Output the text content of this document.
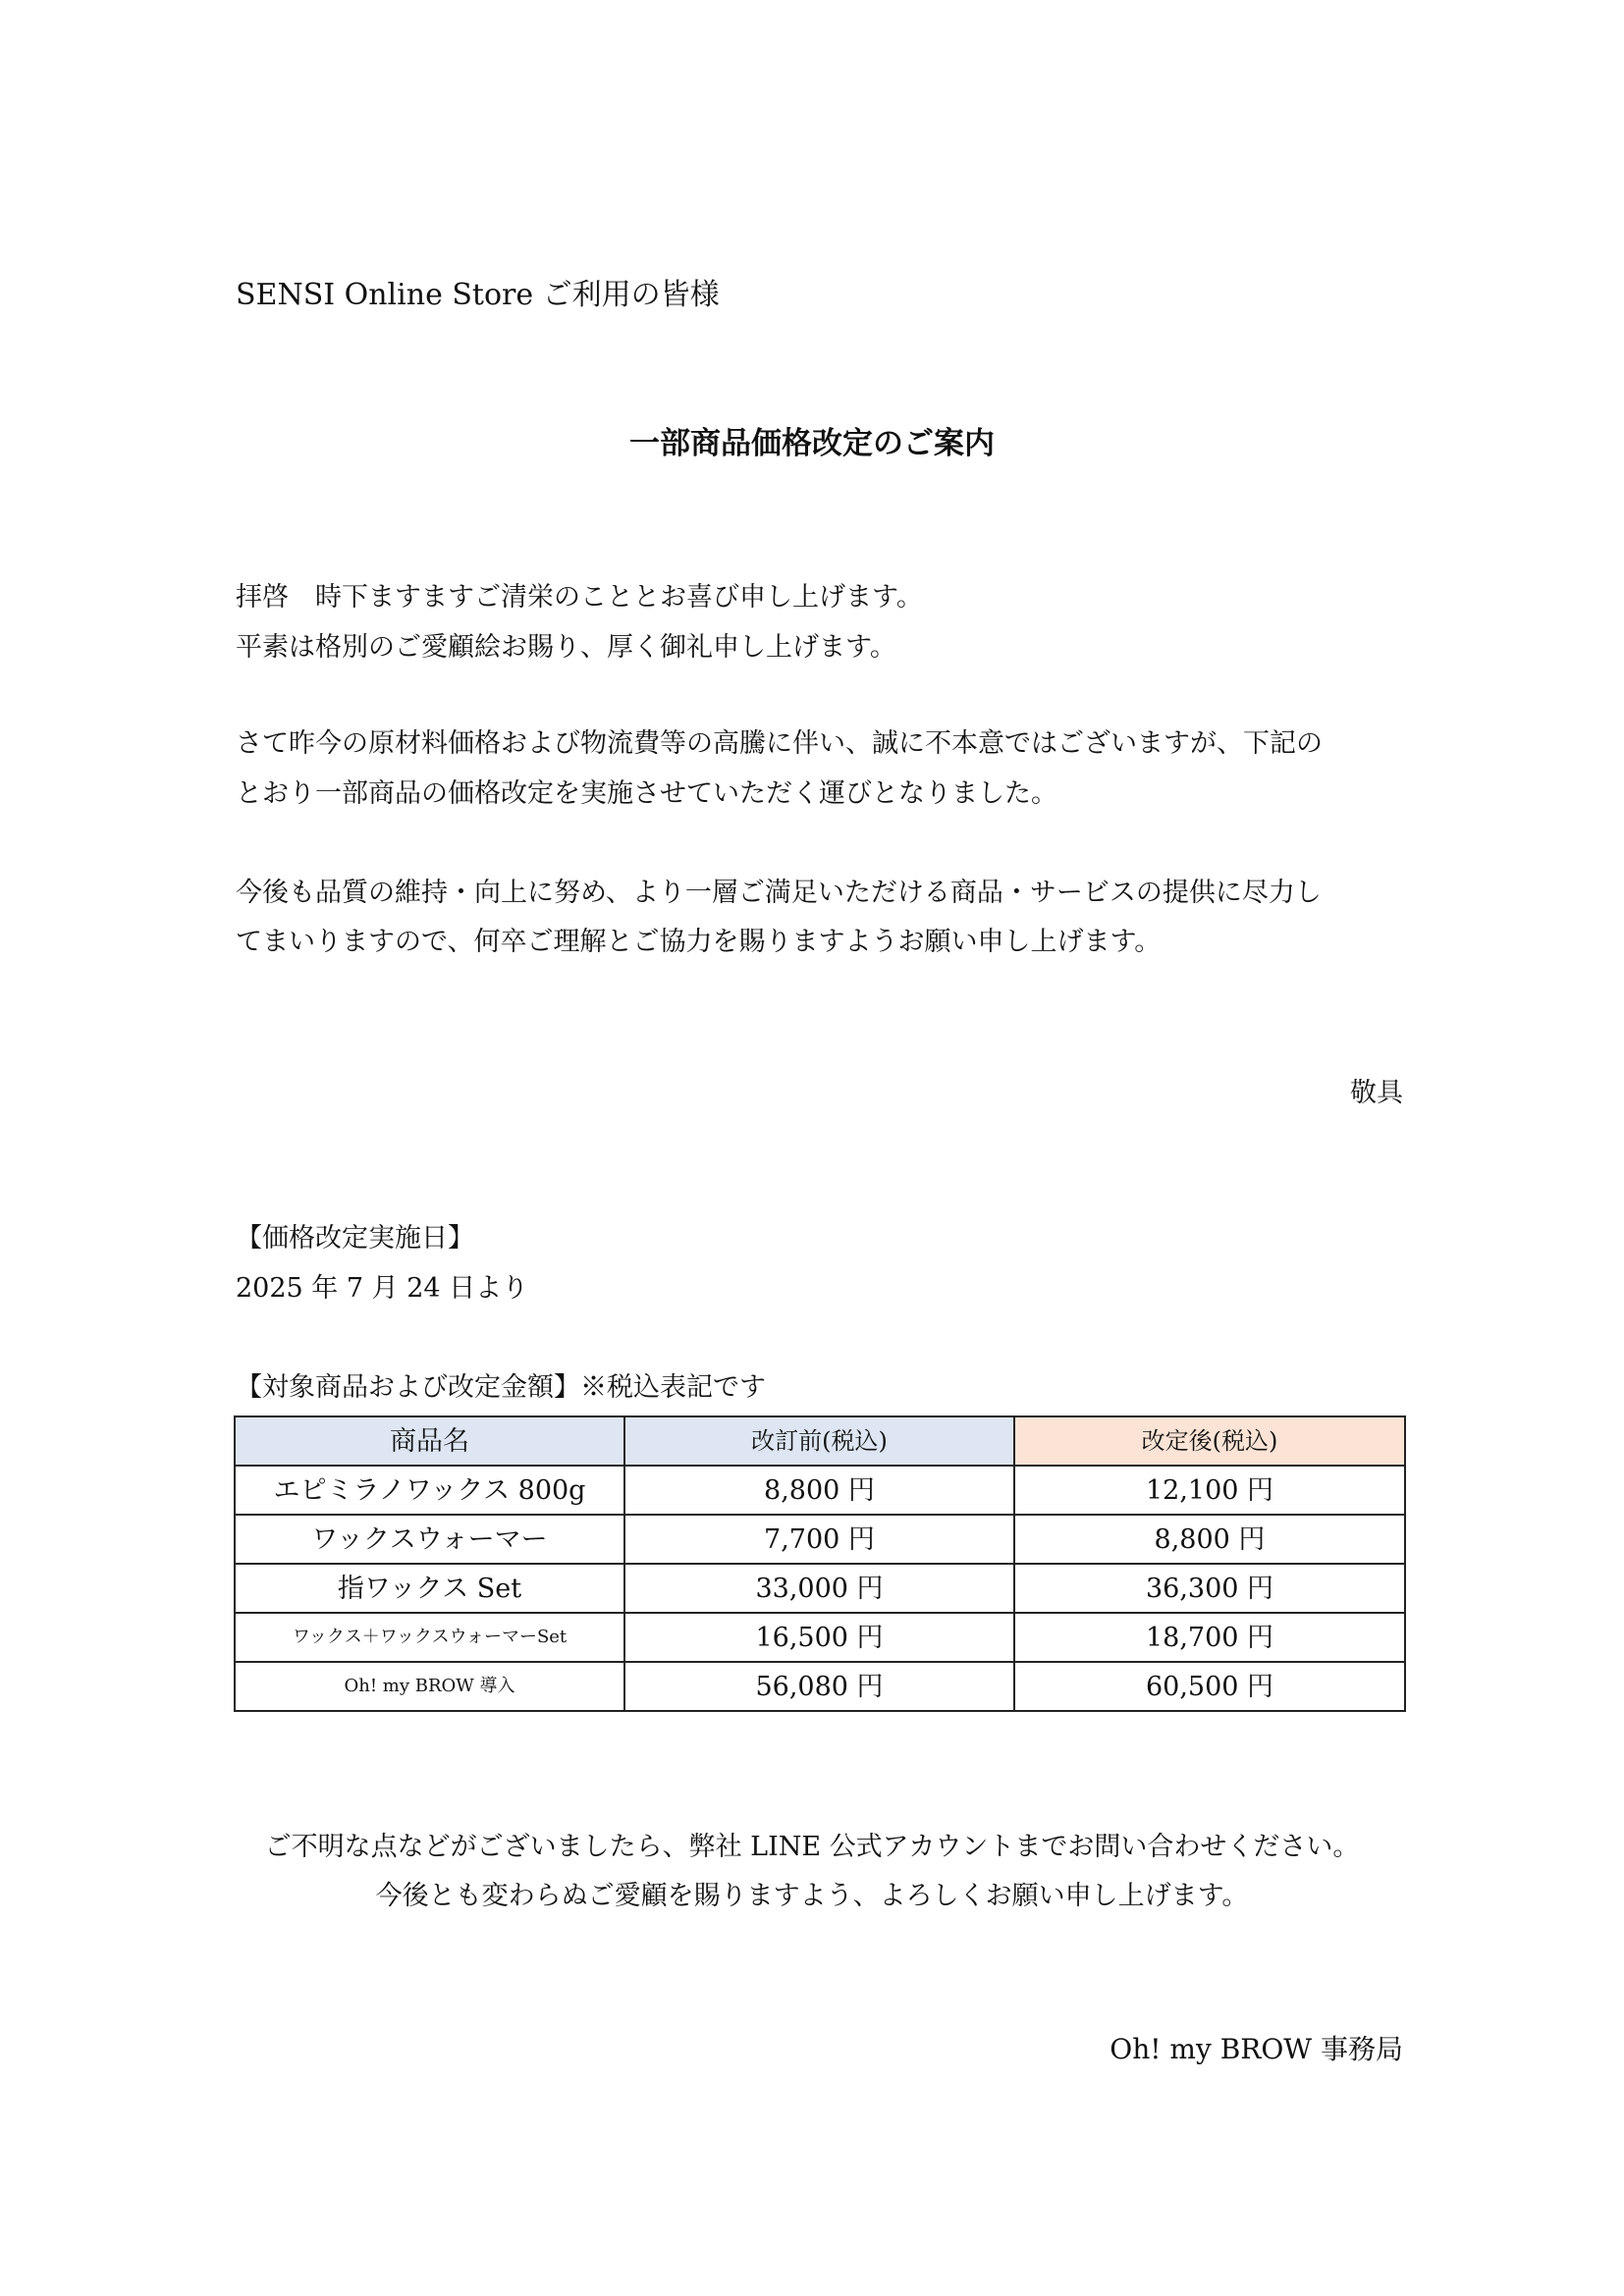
SENSI Online Store ご利用の皆様
一部商品価格改定のご案内
拝啓　時下ますますご清栄のこととお喜び申し上げます。
平素は格別のご愛顧絵お賜り、厚く御礼申し上げます。
さて昨今の原材料価格および物流費等の高騰に伴い、誠に不本意ではございますが、下記の
とおり一部商品の価格改定を実施させていただく運びとなりました。
今後も品質の維持・向上に努め、より一層ご満足いただける商品・サービスの提供に尽力し
てまいりますので、何卒ご理解とご協力を賜りますようお願い申し上げます。
敬具
【価格改定実施日】
2025 年 7 月 24 日より
【対象商品および改定金額】※税込表記です
商品名	改訂前(税込)	改定後(税込)
エピミラノワックス 800g	8,800 円	12,100 円
ワックスウォーマー	7,700 円	8,800 円
指ワックス Set	33,000 円	36,300 円
ワックス＋ワックスウォーマーSet	16,500 円	18,700 円
Oh! my BROW 導入	56,080 円	60,500 円
ご不明な点などがございましたら、弊社 LINE 公式アカウントまでお問い合わせください。
今後とも変わらぬご愛顧を賜りますよう、よろしくお願い申し上げます。
Oh! my BROW 事務局
